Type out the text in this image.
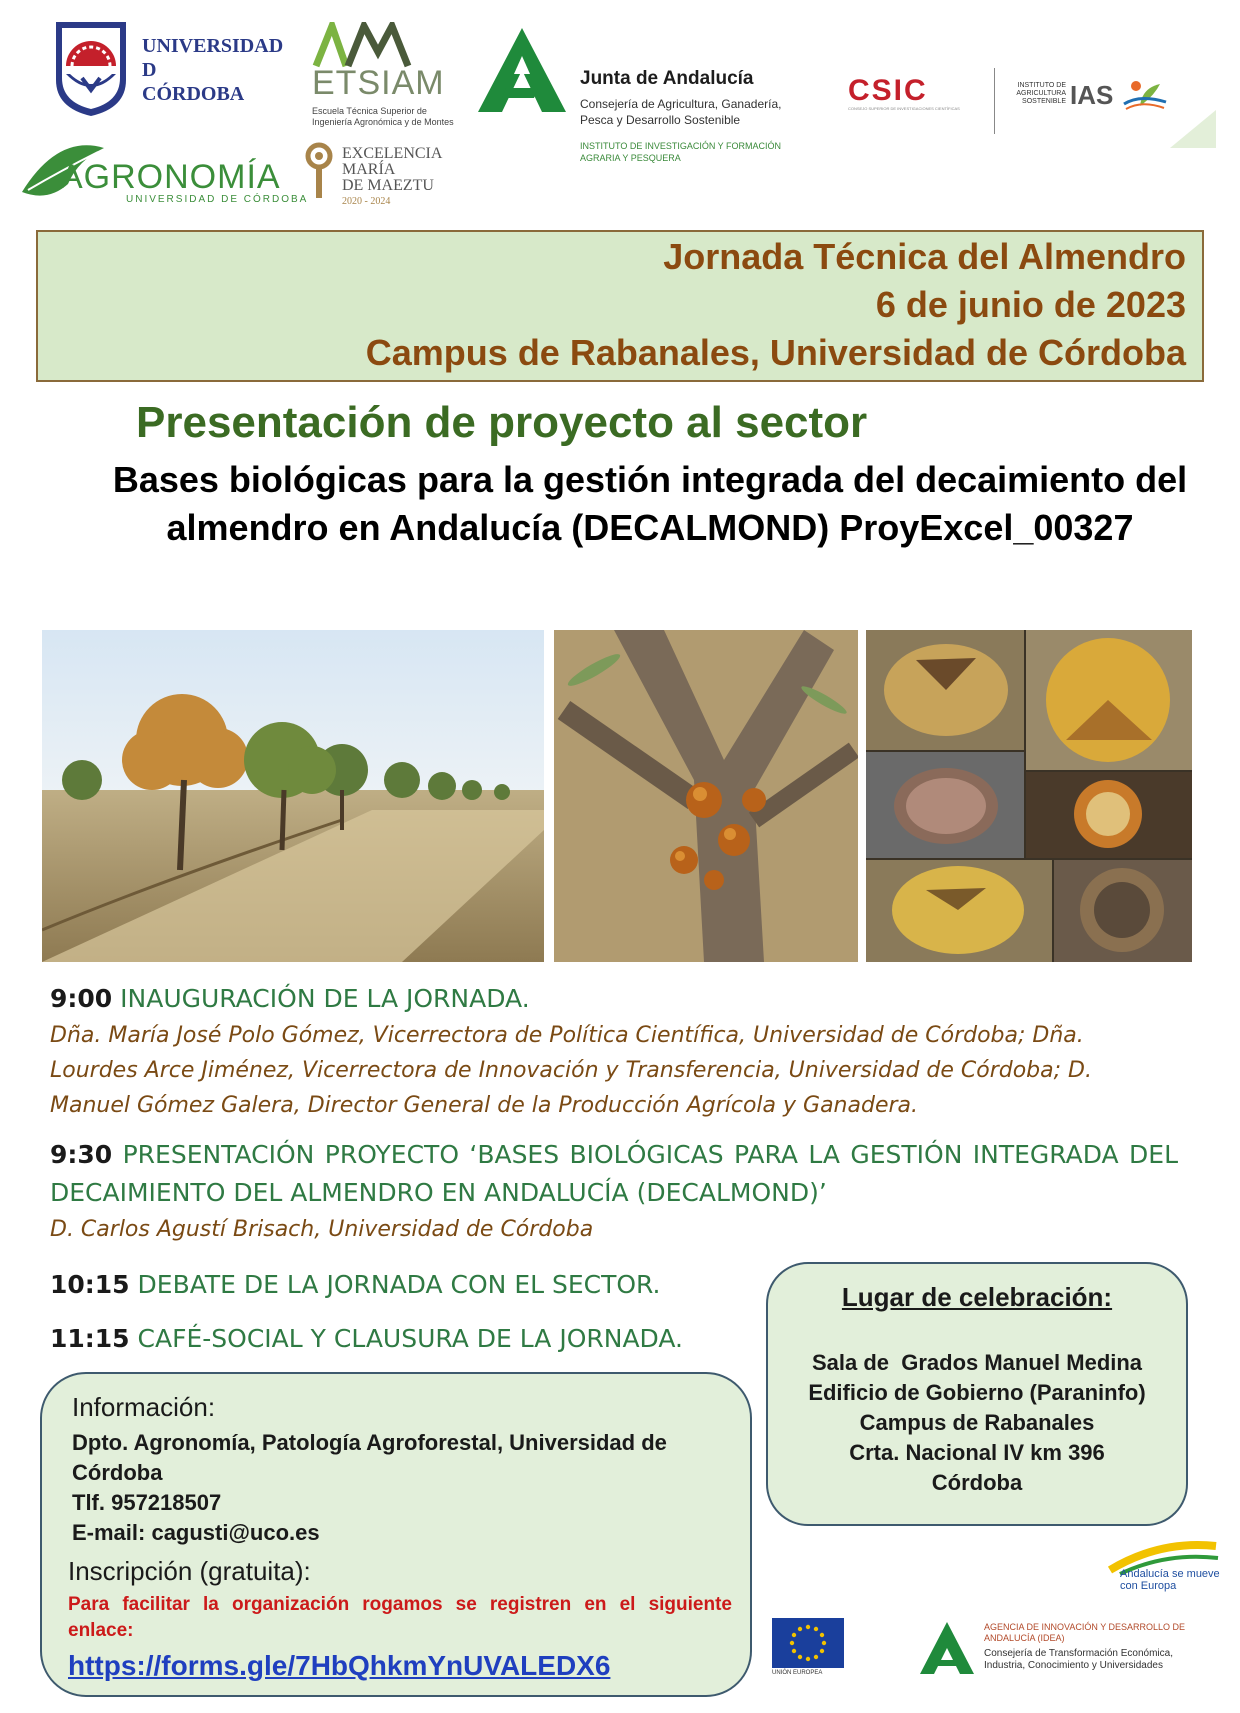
UNIVERSIDAD
D
CÓRDOBA	ETSIAM
Escuela Técnica Superior de Ingeniería Agronómica y de Montes
AGRONOMÍA
UNIVERSIDAD DE CÓRDOBA
EXCELENCIA
MARÍA
DE MAEZTU
2020 - 2024
Junta de Andalucía
Consejería de Agricultura, Ganadería, Pesca y Desarrollo Sostenible
INSTITUTO DE INVESTIGACIÓN Y FORMACIÓN AGRARIA Y PESQUERA
CSIC
CONSEJO SUPERIOR DE INVESTIGACIONES CIENTÍFICAS
INSTITUTO DE AGRICULTURA SOSTENIBLE IAS
Jornada Técnica del Almendro
6 de junio de 2023
Campus de Rabanales, Universidad de Córdoba
Presentación de proyecto al sector
Bases biológicas para la gestión integrada del decaimiento del almendro en Andalucía (DECALMOND) ProyExcel_00327
9:00 INAUGURACIÓN DE LA JORNADA.
Dña. María José Polo Gómez, Vicerrectora de Política Científica, Universidad de Córdoba; Dña. Lourdes Arce Jiménez, Vicerrectora de Innovación y Transferencia, Universidad de Córdoba; D. Manuel Gómez Galera, Director General de la Producción Agrícola y Ganadera.
9:30 PRESENTACIÓN PROYECTO ‘BASES BIOLÓGICAS PARA LA GESTIÓN INTEGRADA DEL DECAIMIENTO DEL ALMENDRO EN ANDALUCÍA (DECALMOND)’
D. Carlos Agustí Brisach, Universidad de Córdoba
10:15 DEBATE DE LA JORNADA CON EL SECTOR.
11:15 CAFÉ-SOCIAL Y CLAUSURA DE LA JORNADA.
Lugar de celebración:
Sala de  Grados Manuel Medina
Edificio de Gobierno (Paraninfo)
Campus de Rabanales
Crta. Nacional IV km 396
Córdoba
Información:
Dpto. Agronomía, Patología Agroforestal, Universidad de Córdoba
Tlf. 957218507
E-mail: cagusti@uco.es
Inscripción (gratuita):
Para facilitar la organización rogamos se registren en el siguiente enlace:
https://forms.gle/7HbQhkmYnUVALEDX6
Andalucía se mueve con Europa
UNIÓN EUROPEA
AGENCIA DE INNOVACIÓN Y DESARROLLO DE ANDALUCÍA (IDEA)
Consejería de Transformación Económica, Industria, Conocimiento y Universidades
